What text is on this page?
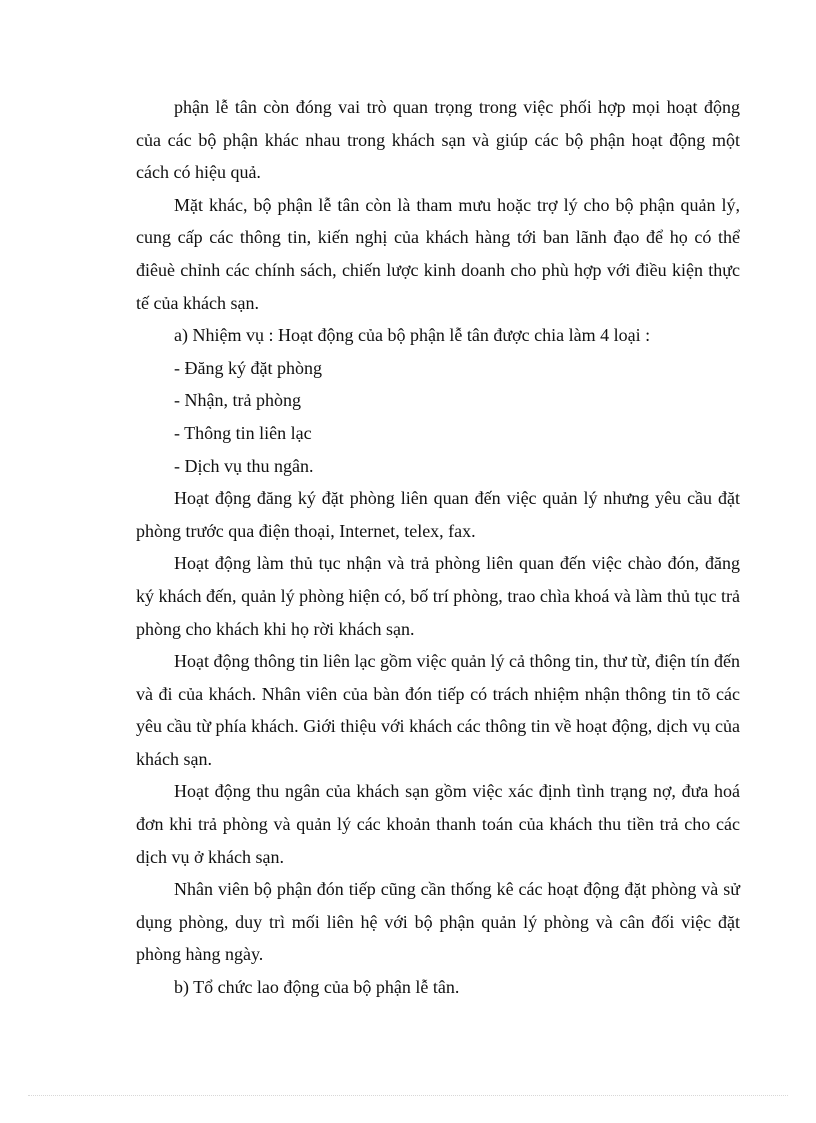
phận lễ tân còn đóng vai trò quan trọng trong việc phối hợp mọi hoạt động của các bộ phận khác nhau trong khách sạn và giúp các bộ phận hoạt động một cách có hiệu quả.

Mặt khác, bộ phận lễ tân còn là tham mưu hoặc trợ lý cho bộ phận quản lý, cung cấp các thông tin, kiến nghị của khách hàng tới ban lãnh đạo để họ có thể điêuè chỉnh các chính sách, chiến lược kinh doanh cho phù hợp với điều kiện thực tế của khách sạn.

a) Nhiệm vụ : Hoạt động của bộ phận lễ tân được chia làm 4 loại :

- Đăng ký đặt phòng

- Nhận, trả phòng

- Thông tin liên lạc

- Dịch vụ thu ngân.

Hoạt động đăng ký đặt phòng liên quan đến việc quản lý nhưng yêu cầu đặt phòng trước qua điện thoại, Internet, telex, fax.

Hoạt động làm thủ tục nhận và trả phòng liên quan đến việc chào đón, đăng ký khách đến, quản lý phòng hiện có, bố trí phòng, trao chìa khoá và làm thủ tục trả phòng cho khách khi họ rời khách sạn.

Hoạt động thông tin liên lạc gồm việc quản lý cả thông tin, thư từ, điện tín đến và đi của khách. Nhân viên của bàn đón tiếp có trách nhiệm nhận thông tin tõ các yêu cầu từ phía khách. Giới thiệu với khách các thông tin về hoạt động, dịch vụ của khách sạn.

Hoạt động thu ngân của khách sạn gồm việc xác định tình trạng nợ, đưa hoá đơn khi trả phòng và quản lý các khoản thanh toán của khách thu tiền trả cho các dịch vụ ở khách sạn.

Nhân viên bộ phận đón tiếp cũng cần thống kê các hoạt động đặt phòng và sử dụng phòng, duy trì mối liên hệ với bộ phận quản lý phòng và cân đối việc đặt phòng hàng ngày.

b) Tổ chức lao động của bộ phận lễ tân.
